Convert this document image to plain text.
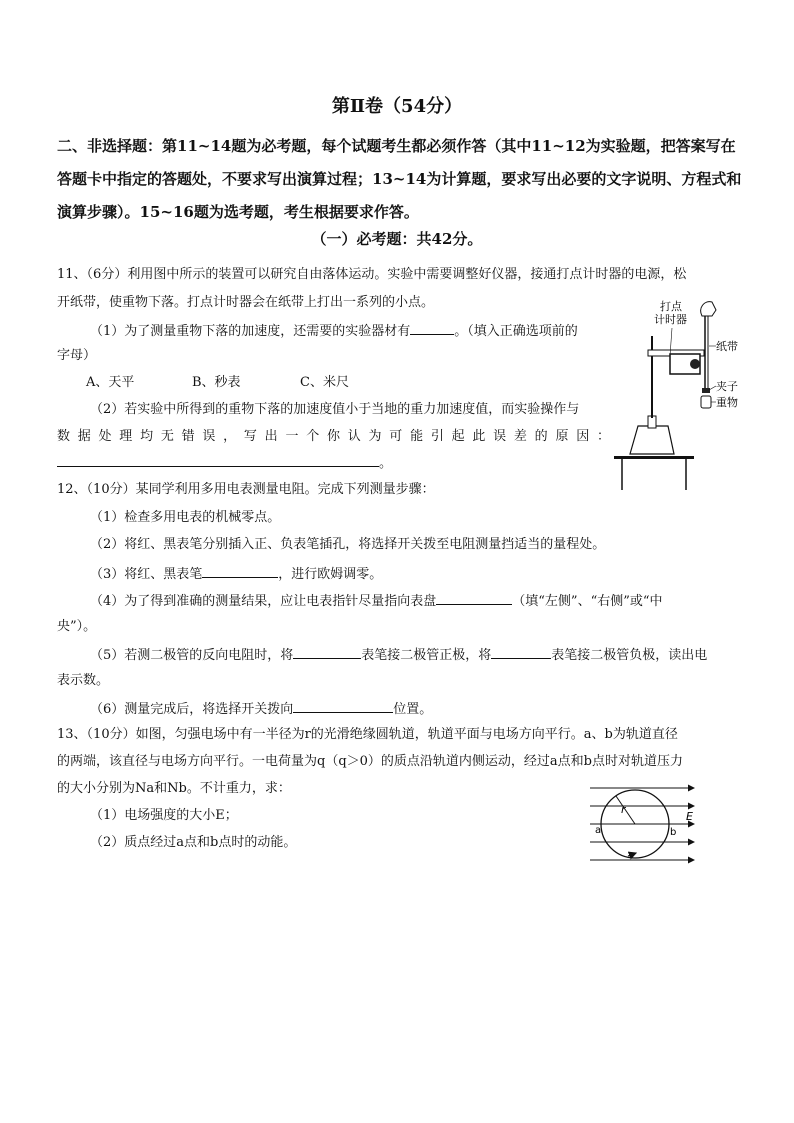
第Ⅱ卷（54分）
二、非选择题：第11~14题为必考题，每个试题考生都必须作答（其中11~12为实验题，把答案写在答题卡中指定的答题处，不要求写出演算过程；13~14为计算题，要求写出必要的文字说明、方程式和演算步骤）。15~16题为选考题，考生根据要求作答。
（一）必考题：共42分。
11、（6分）利用图中所示的装置可以研究自由落体运动。实验中需要调整好仪器，接通打点计时器的电源，松
开纸带，使重物下落。打点计时器会在纸带上打出一系列的小点。
（1）为了测量重物下落的加速度，还需要的实验器材有	。（填入正确选项前的
字母）
A、天平	B、秒表	C、米尺
（2）若实验中所得到的重物下落的加速度值小于当地的重力加速度值，而实验操作与
数据处理均无错误，写出一个你认为可能引起此误差的原因：
。
打点
计时器
纸带
夹子
重物
12、（10分）某同学利用多用电表测量电阻。完成下列测量步骤：
（1）检查多用电表的机械零点。
（2）将红、黑表笔分别插入正、负表笔插孔，将选择开关拨至电阻测量挡适当的量程处。
（3）将红、黑表笔	，进行欧姆调零。
（4）为了得到准确的测量结果，应让电表指针尽量指向表盘	（填“左侧”、“右侧”或“中
央”）。
（5）若测二极管的反向电阻时，将	表笔接二极管正极，将	表笔接二极管负极，读出电
表示数。
（6）测量完成后，将选择开关拨向	位置。
13、（10分）如图，匀强电场中有一半径为r的光滑绝缘圆轨道，轨道平面与电场方向平行。a、b为轨道直径
的两端，该直径与电场方向平行。一电荷量为q（q＞0）的质点沿轨道内侧运动，经过a点和b点时对轨道压力
的大小分别为Na和Nb。不计重力，求：
（1）电场强度的大小E；
（2）质点经过a点和b点时的动能。
r
E
a	b
